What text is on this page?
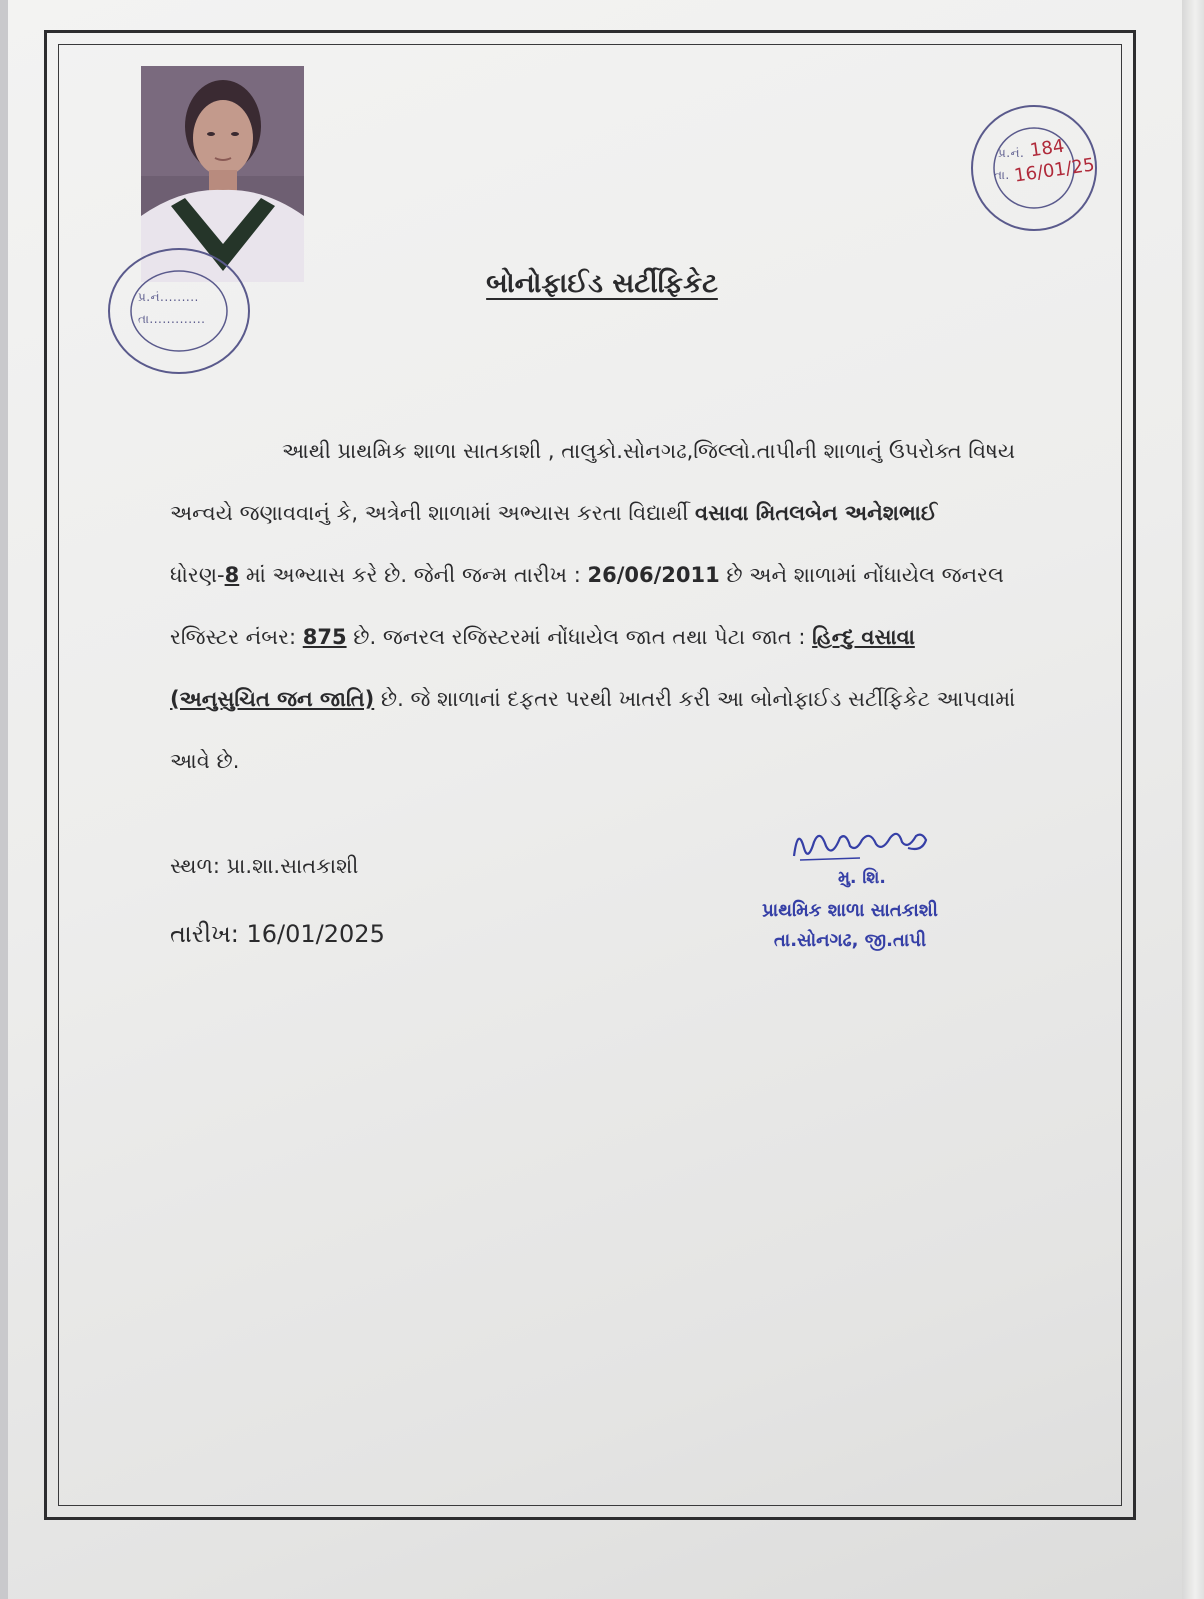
પ્ર.નં.........
તા.............
પ્ર.નં. 184
તા. 16/01/25
બોનોફાઈડ સર્ટીફિકેટ
આથી પ્રાથમિક શાળા સાતકાશી , તાલુકો.સોનગઢ,જિલ્લો.તાપીની શાળાનું ઉપરોક્ત વિષય
અન્વયે જણાવવાનું કે, અત્રેની શાળામાં અભ્યાસ કરતા વિદ્યાર્થી વસાવા મિતલબેન અનેશભાઈ
ધોરણ-8 માં અભ્યાસ કરે છે. જેની જન્મ તારીખ : 26/06/2011 છે અને શાળામાં નોંધાયેલ જનરલ
રજિસ્ટર નંબર: 875 છે. જનરલ રજિસ્ટરમાં નોંધાયેલ જાત તથા પેટા જાત : હિન્દુ વસાવા
(અનુસુચિત જન જાતિ) છે. જે શાળાનાં દફતર પરથી ખાતરી કરી આ બોનોફાઈડ સર્ટીફિકેટ આપવામાં
આવે છે.
સ્થળ: પ્રા.શા.સાતકાશી
તારીખ: 16/01/2025
મુ. શિ.
પ્રાથમિક શાળા સાતકાશી
તા.સોનગઢ, જી.તાપી
